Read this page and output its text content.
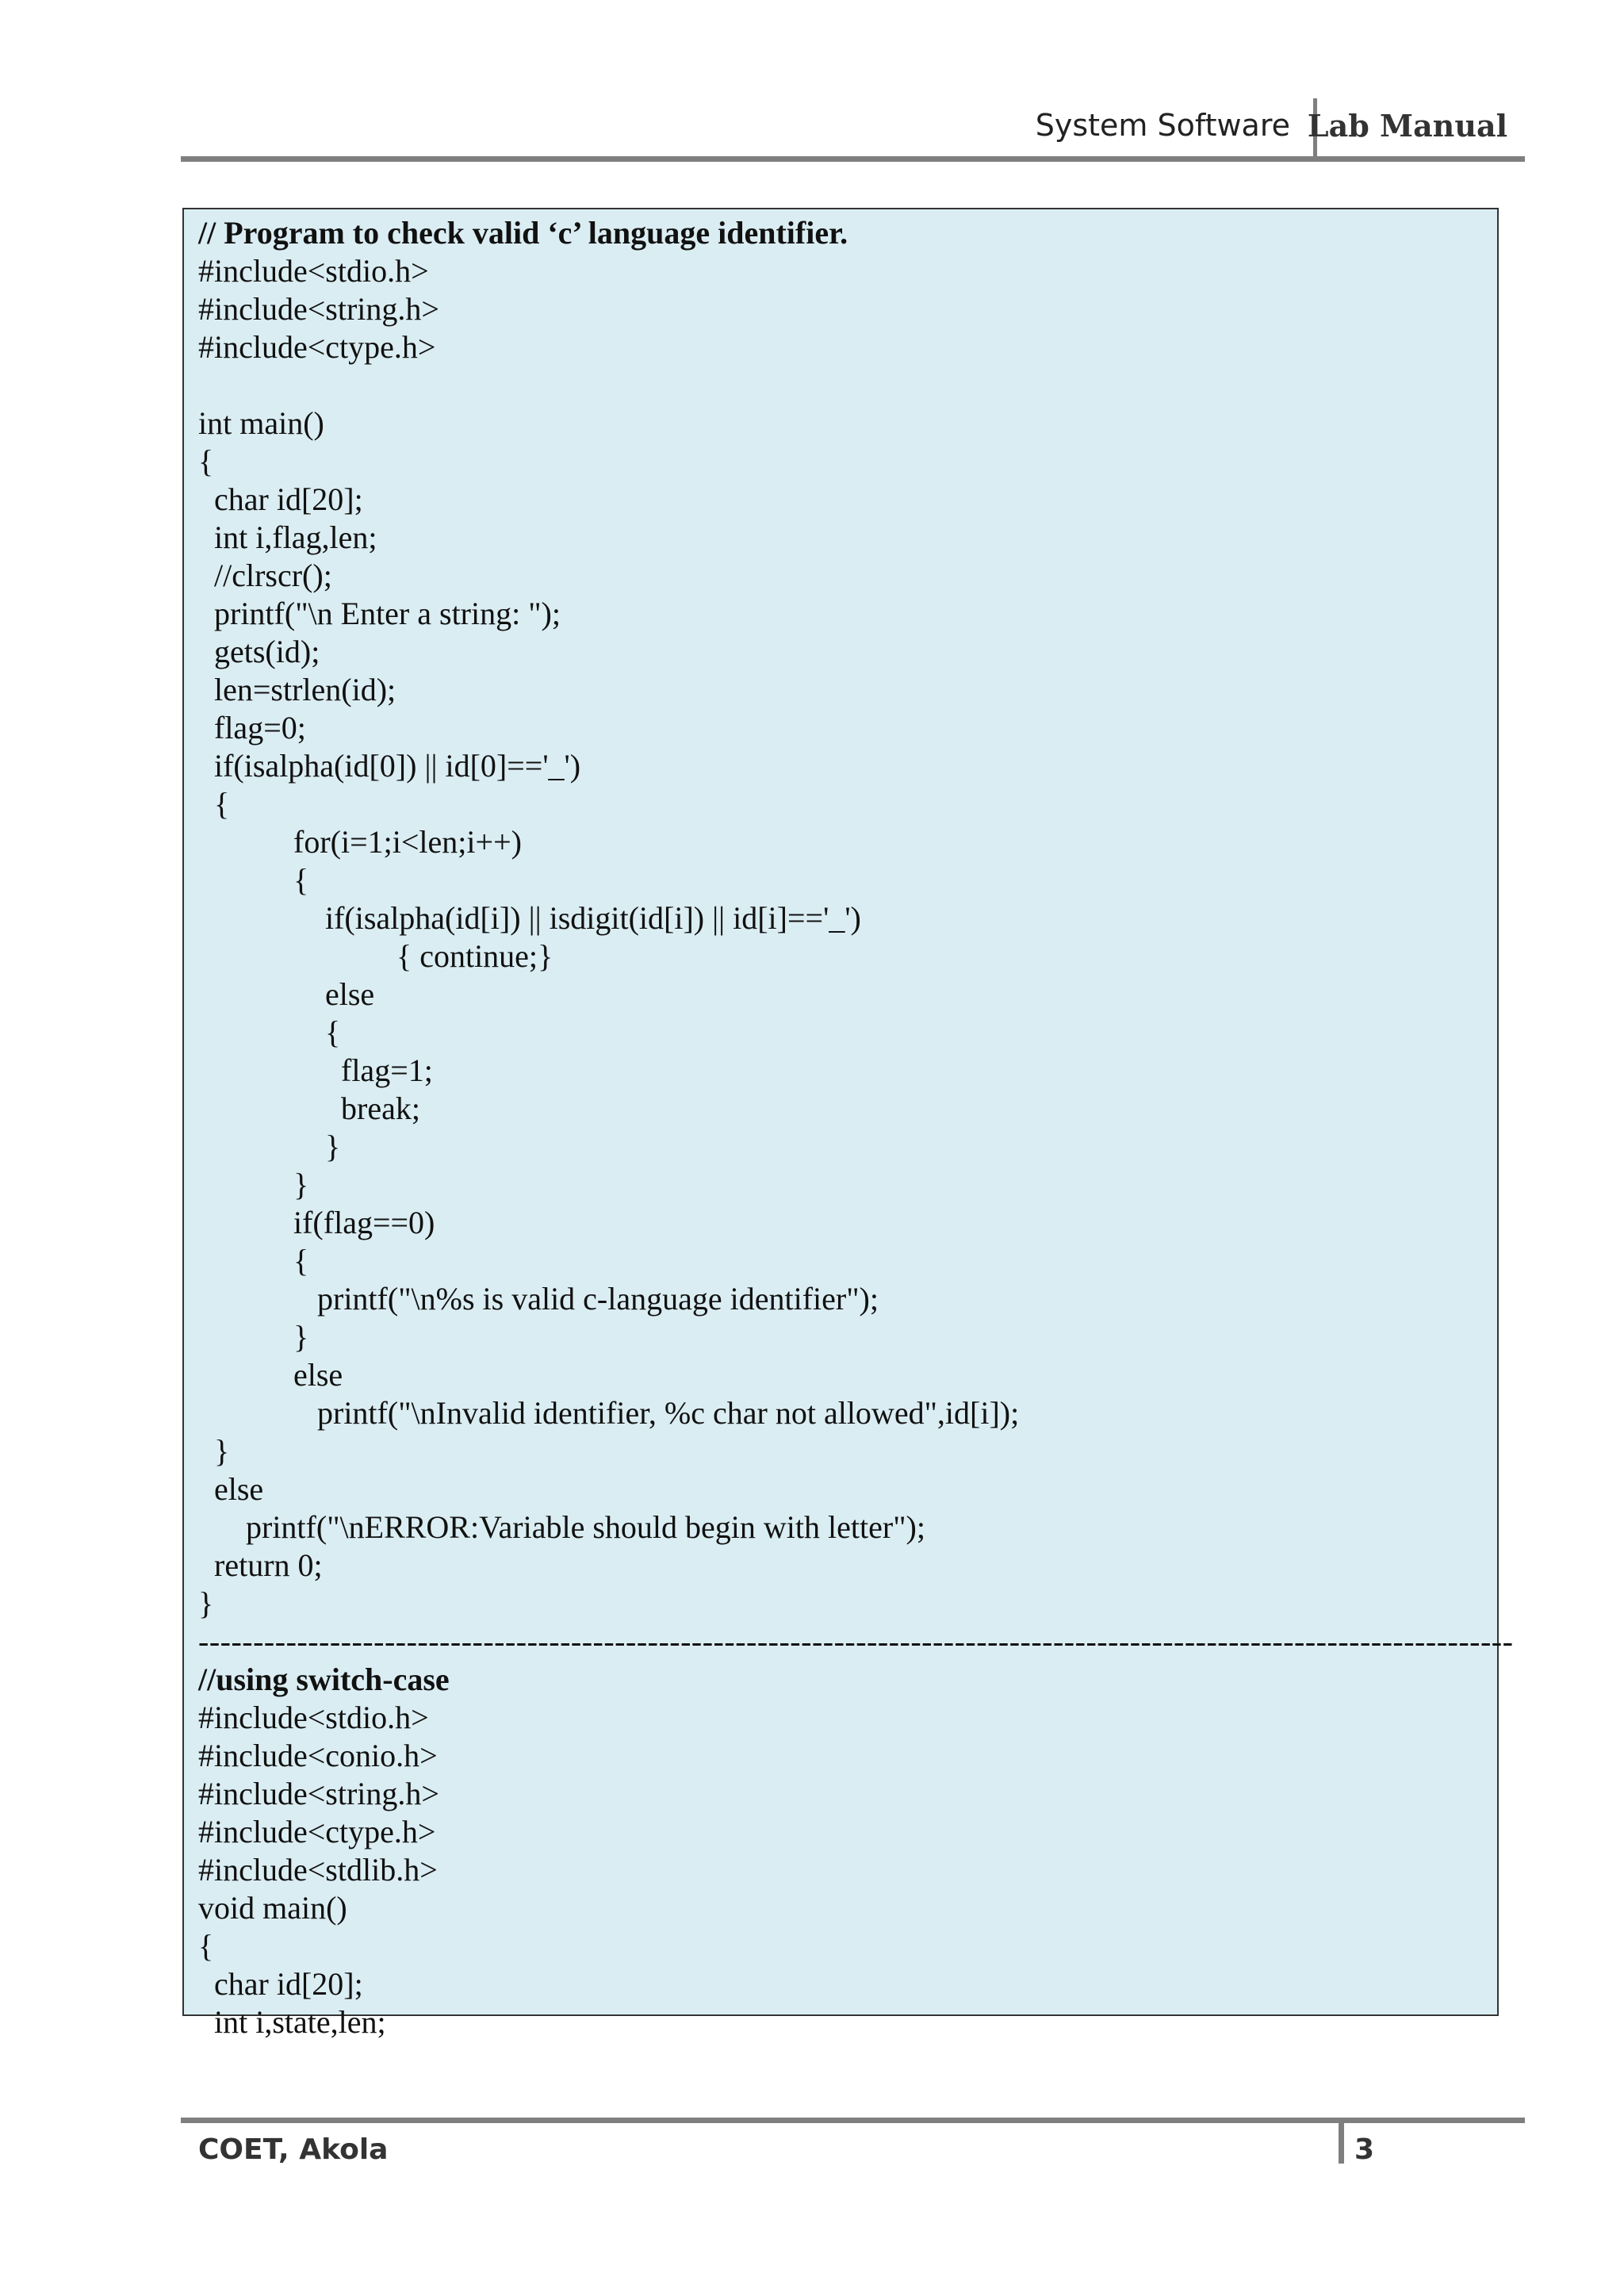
System Software Lab Manual
// Program to check valid ‘c’ language identifier.
#include<stdio.h>
#include<string.h>
#include<ctype.h>
int main()
{
char id[20];
int i,flag,len;
//clrscr();
printf("\n Enter a string: ");
gets(id);
len=strlen(id);
flag=0;
if(isalpha(id[0]) || id[0]=='_')
{
for(i=1;i<len;i++)
{
if(isalpha(id[i]) || isdigit(id[i]) || id[i]=='_')
{ continue;}
else
{
flag=1;
break;
}
}
if(flag==0)
{
printf("\n%s is valid c-language identifier");
}
else
printf("\nInvalid identifier, %c char not allowed",id[i]);
}
else
printf("\nERROR:Variable should begin with letter");
return 0;
}
------------------------------------------------------------------------------------------------------------------------
//using switch-case
#include<stdio.h>
#include<conio.h>
#include<string.h>
#include<ctype.h>
#include<stdlib.h>
void main()
{
char id[20];
int i,state,len;
COET, Akola	3
